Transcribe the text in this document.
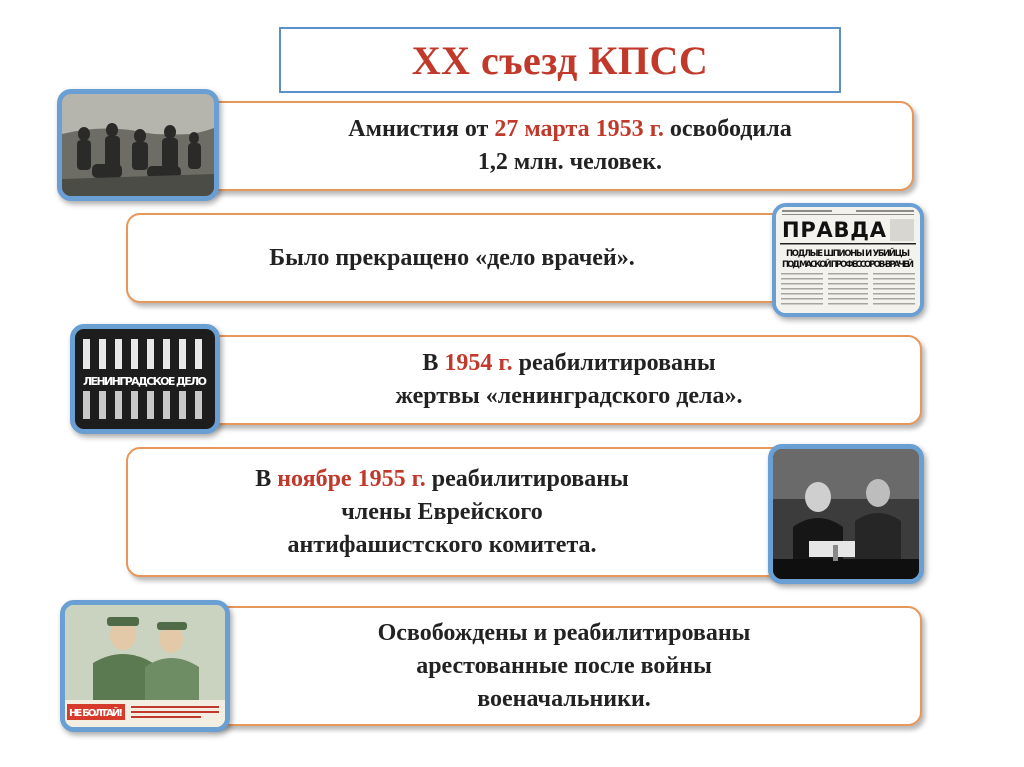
XX съезд КПСС
Амнистия от 27 марта 1953 г. освободила
1,2 млн. человек.
Было прекращено «дело врачей».
ПРАВДА
ПОДЛЫЕ ШПИОНЫ И УБИЙЦЫ
ПОД МАСКОЙ ПРОФЕССОРОВ-ВРАЧЕЙ
В 1954 г. реабилитированы
жертвы «ленинградского дела».
ЛЕНИНГРАДСКОЕ ДЕЛО
В ноябре 1955 г. реабилитированы
члены Еврейского
антифашистского комитета.
Освобождены и реабилитированы
арестованные после войны
военачальники.
НЕ БОЛТАЙ!
